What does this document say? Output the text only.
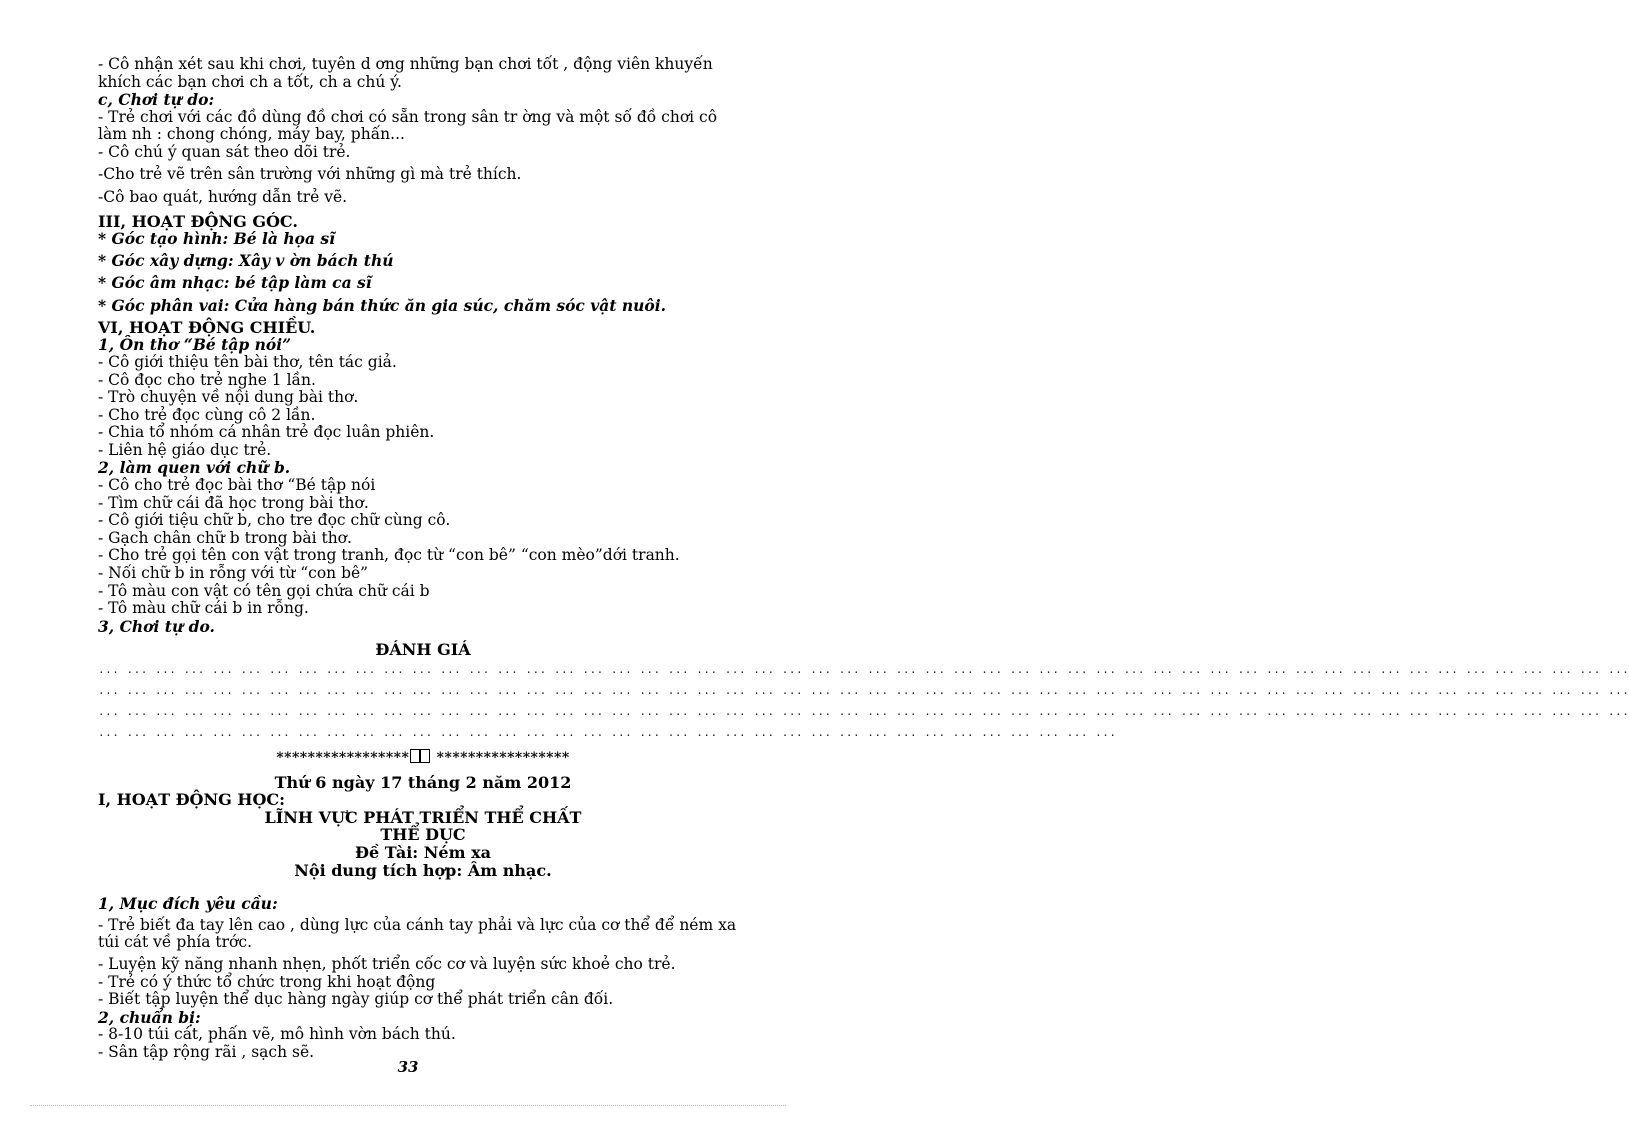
- Cô nhận xét sau khi chơi, tuyên d ơng những bạn chơi tốt , động viên khuyến
khích các bạn chơi ch a tốt, ch a chú ý.
c, Chơi tự do:
- Trẻ chơi với các đồ dùng đồ chơi có sẵn trong sân tr ờng và một số đồ chơi cô
làm nh : chong chóng, máy bay, phấn...
- Cô chú ý quan sát theo dõi trẻ.
-Cho trẻ vẽ trên sân trường với những gì mà trẻ thích.
-Cô bao quát, hướng dẫn trẻ vẽ.
III, HOẠT ĐỘNG GÓC.
* Góc tạo hình: Bé là họa sĩ
* Góc xây dựng: Xây v ờn bách thú
* Góc âm nhạc: bé tập làm ca sĩ
* Góc phân vai: Cửa hàng bán thức ăn gia súc, chăm sóc vật nuôi.
VI, HOẠT ĐỘNG CHIỀU.
1, Ôn thơ “Bé tập nói”
- Cô giới thiệu tên bài thơ, tên tác giả.
- Cô đọc cho trẻ nghe 1 lần.
- Trò chuyện về nội dung bài thơ.
- Cho trẻ đọc cùng cô 2 lần.
- Chia tổ nhóm cá nhân trẻ đọc luân phiên.
- Liên hệ giáo dục trẻ.
2, làm quen với chữ b.
- Cô cho trẻ đọc bài thơ “Bé tập nói
- Tìm chữ cái đã học trong bài thơ.
- Cô giới tiệu chữ b, cho tre đọc chữ cùng cô.
- Gạch chân chữ b trong bài thơ.
- Cho trẻ gọi tên con vật trong tranh, đọc từ “con bê” “con mèo”dới tranh.
- Nối chữ b in rỗng với từ “con bê”
- Tô màu con vật có tên gọi chứa chữ cái b
- Tô màu chữ cái b in rỗng.
3, Chơi tự do.
ĐÁNH GIÁ
... ... ... ... ... ... ... ... ... ... ... ... ... ... ... ... ... ... ... ... ... ... ... ... ... ... ... ... ... ... ... ... ... ... ... ... ... ... ... ... ... ... ... ... ... ... ... ... ... ... ... ... ... ...
... ... ... ... ... ... ... ... ... ... ... ... ... ... ... ... ... ... ... ... ... ... ... ... ... ... ... ... ... ... ... ... ... ... ... ... ... ... ... ... ... ... ... ... ... ... ... ... ... ... ... ... ... ...
... ... ... ... ... ... ... ... ... ... ... ... ... ... ... ... ... ... ... ... ... ... ... ... ... ... ... ... ... ... ... ... ... ... ... ... ... ... ... ... ... ... ... ... ... ... ... ... ... ... ... ... ... ...
... ... ... ... ... ... ... ... ... ... ... ... ... ... ... ... ... ... ... ... ... ... ... ... ... ... ... ... ... ... ... ... ... ... ... ...
***************** *****************
Thứ 6 ngày 17 tháng 2 năm 2012
I, HOẠT ĐỘNG HỌC:
LĨNH VỰC PHÁT TRIỂN THỂ CHẤT
THỂ DỤC
Đề Tài: Ném xa
Nội dung tích hợp: Âm nhạc.
1, Mục đích yêu cầu:
- Trẻ biết đa tay lên cao , dùng lực của cánh tay phải và lực của cơ thể để ném xa túi cát về phía trớc.
- Luyện kỹ năng nhanh nhẹn, phốt triển cốc cơ và luyện sức khoẻ cho trẻ.
- Trẻ có ý thức tổ chức trong khi hoạt động
- Biết tập luyện thể dục hàng ngày giúp cơ thể phát triển cân đối.
2, chuẩn bị:
- 8-10 túi cát, phấn vẽ, mô hình vờn bách thú.
- Sân tập rộng rãi , sạch sẽ.
33
